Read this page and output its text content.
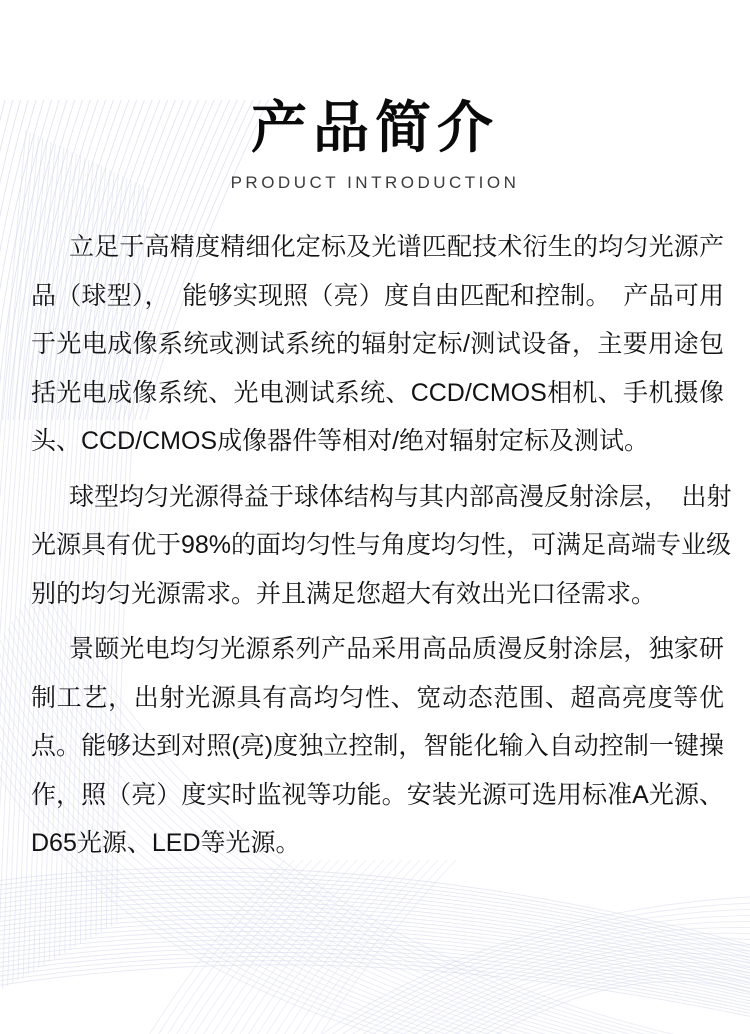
产品简介
PRODUCT INTRODUCTION

立足于高精度精细化定标及光谱匹配技术衍生的均匀光源产
品（球型），　能够实现照（亮）度自由匹配和控制。　产品可用
于光电成像系统或测试系统的辐射定标/测试设备，主要用途包
括光电成像系统、光电测试系统、CCD/CMOS相机、手机摄像
头、CCD/CMOS成像器件等相对/绝对辐射定标及测试。

球型均匀光源得益于球体结构与其内部高漫反射涂层，　出射
光源具有优于98%的面均匀性与角度均匀性，可满足高端专业级
别的均匀光源需求。并且满足您超大有效出光口径需求。

景颐光电均匀光源系列产品采用高品质漫反射涂层，独家研
制工艺，出射光源具有高均匀性、宽动态范围、超高亮度等优
点。能够达到对照(亮)度独立控制，智能化输入自动控制一键操
作，照（亮）度实时监视等功能。安装光源可选用标准A光源、
D65光源、LED等光源。
